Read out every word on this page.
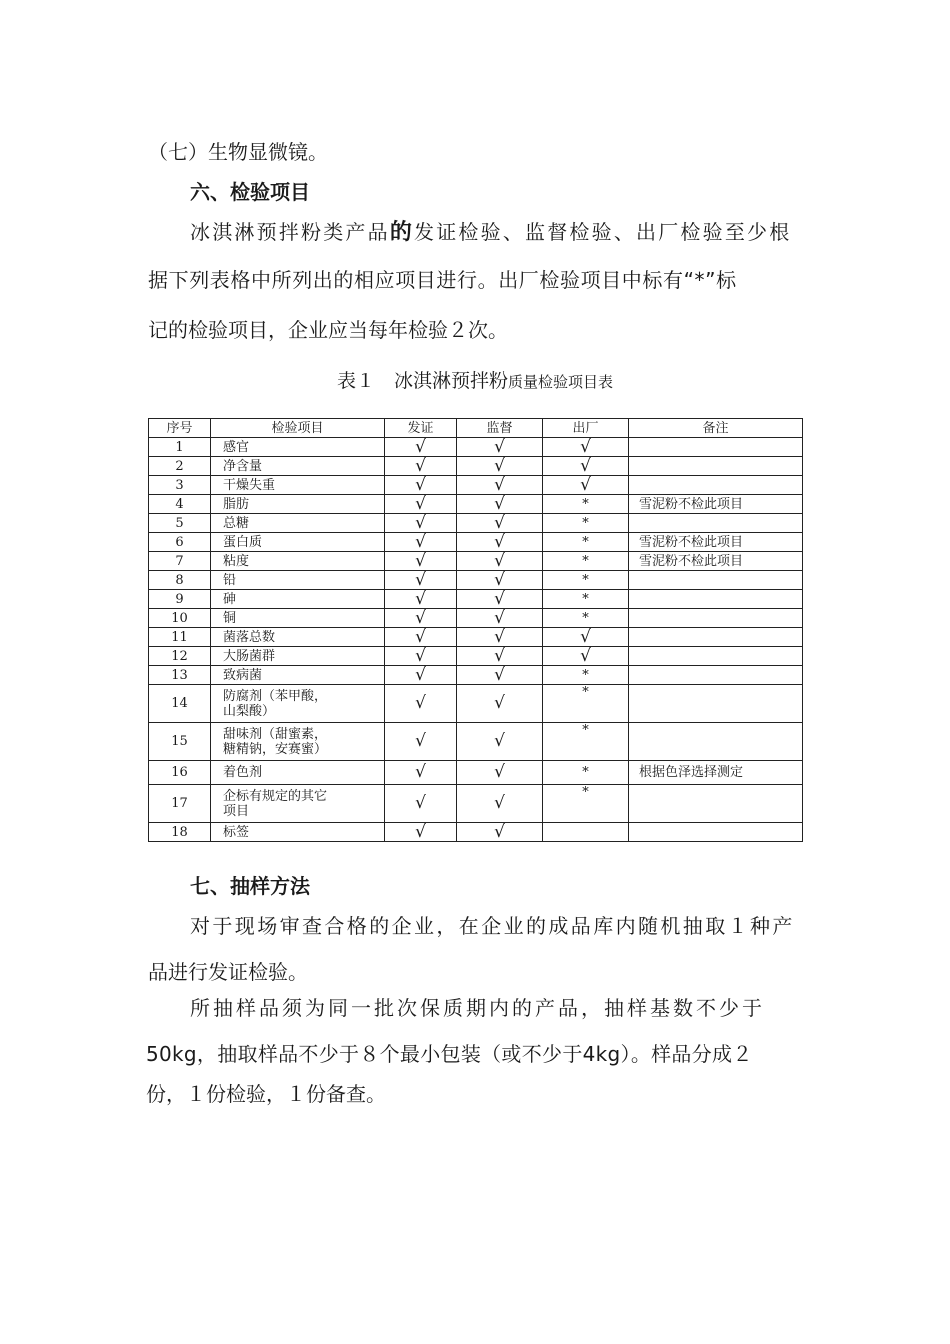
（七）生物显微镜。
六、检验项目
冰淇淋预拌粉类产品的发证检验、监督检验、出厂检验至少根
据下列表格中所列出的相应项目进行。出厂检验项目中标有“*”标
记的检验项目，企业应当每年检验２次。
表１　冰淇淋预拌粉质量检验项目表
序号	检验项目	发证	监督	出厂	备注
1	感官	√	√	√	
2	净含量	√	√	√	
3	干燥失重	√	√	√	
4	脂肪	√	√	*	雪泥粉不检此项目
5	总糖	√	√	*	
6	蛋白质	√	√	*	雪泥粉不检此项目
7	粘度	√	√	*	雪泥粉不检此项目
8	铅	√	√	*	
9	砷	√	√	*	
10	铜	√	√	*	
11	菌落总数	√	√	√	
12	大肠菌群	√	√	√	
13	致病菌	√	√	*	
14	防腐剂（苯甲酸，
山梨酸）	√	√	*	
15	甜味剂（甜蜜素，
糖精钠，安赛蜜）	√	√	*	
16	着色剂	√	√	*	根据色泽选择测定
17	企标有规定的其它
项目	√	√	*	
18	标签	√	√		
七、抽样方法
对于现场审查合格的企业，在企业的成品库内随机抽取１种产
品进行发证检验。
所抽样品须为同一批次保质期内的产品，抽样基数不少于
50kg，抽取样品不少于８个最小包装（或不少于4kg）。样品分成２
份，１份检验，１份备查。
